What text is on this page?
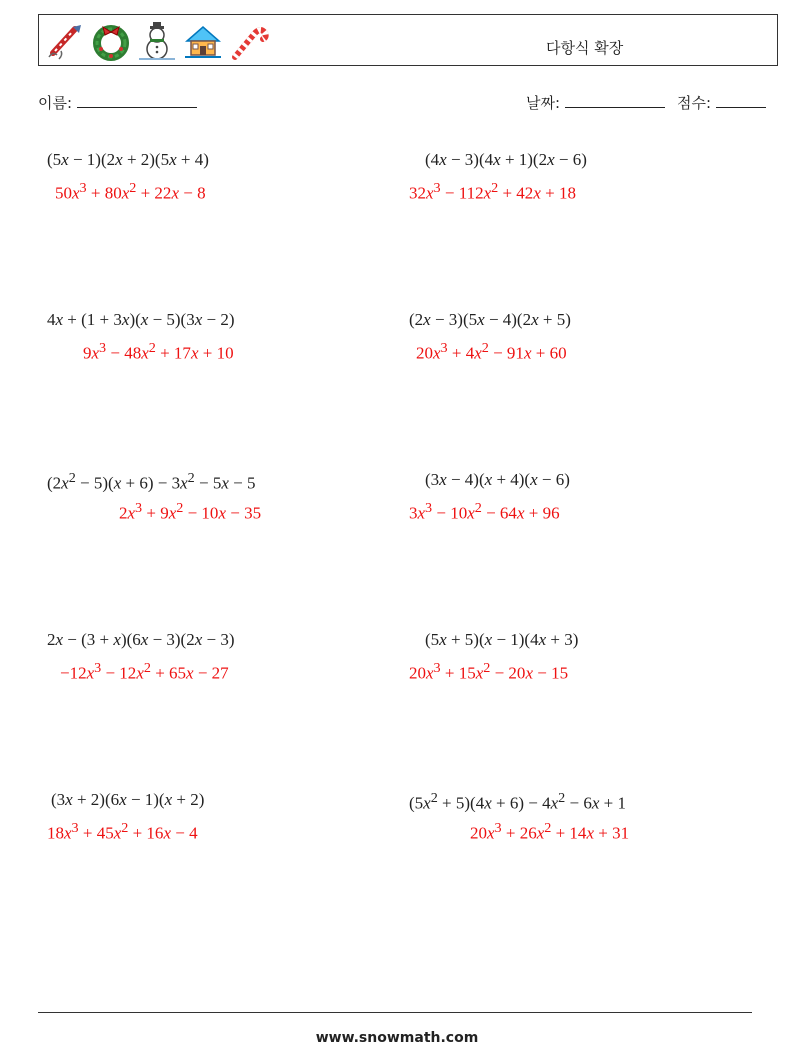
다항식 확장
이름:	날짜:	점수:
(5x − 1)(2x + 2)(5x + 4)
$50x^3 + 80x^2 + 22x - 8$
(4x − 3)(4x + 1)(2x − 6)
$32x^3 - 112x^2 + 42x + 18$
4x + (1 + 3x)(x − 5)(3x − 2)
$9x^3 - 48x^2 + 17x + 10$
(2x − 3)(5x − 4)(2x + 5)
$20x^3 + 4x^2 - 91x + 60$
$(2x^2 - 5)(x + 6) - 3x^2 - 5x - 5$
$2x^3 + 9x^2 - 10x - 35$
(3x − 4)(x + 4)(x − 6)
$3x^3 - 10x^2 - 64x + 96$
2x − (3 + x)(6x − 3)(2x − 3)
$-12x^3 - 12x^2 + 65x - 27$
(5x + 5)(x − 1)(4x + 3)
$20x^3 + 15x^2 - 20x - 15$
(3x + 2)(6x − 1)(x + 2)
$18x^3 + 45x^2 + 16x - 4$
$(5x^2 + 5)(4x + 6) - 4x^2 - 6x + 1$
$20x^3 + 26x^2 + 14x + 31$
www.snowmath.com
